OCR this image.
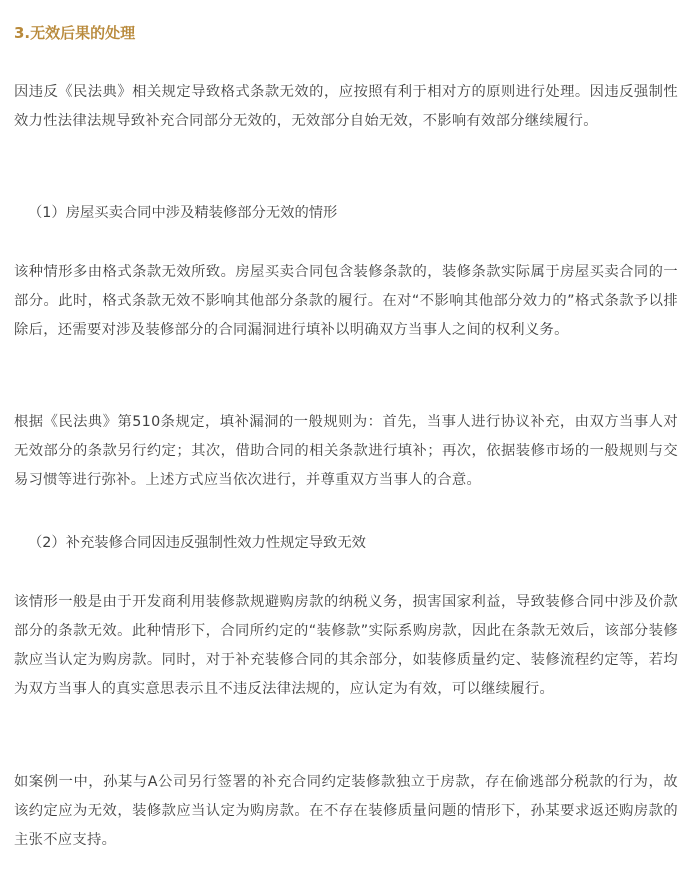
3.无效后果的处理

因违反《民法典》相关规定导致格式条款无效的，应按照有利于相对方的原则进行处理。因违反强制性效力性法律法规导致补充合同部分无效的，无效部分自始无效，不影响有效部分继续履行。

（1）房屋买卖合同中涉及精装修部分无效的情形

该种情形多由格式条款无效所致。房屋买卖合同包含装修条款的，装修条款实际属于房屋买卖合同的一部分。此时，格式条款无效不影响其他部分条款的履行。在对“不影响其他部分效力的”格式条款予以排除后，还需要对涉及装修部分的合同漏洞进行填补以明确双方当事人之间的权利义务。

根据《民法典》第510条规定，填补漏洞的一般规则为：首先，当事人进行协议补充，由双方当事人对无效部分的条款另行约定；其次，借助合同的相关条款进行填补；再次，依据装修市场的一般规则与交易习惯等进行弥补。上述方式应当依次进行，并尊重双方当事人的合意。

（2）补充装修合同因违反强制性效力性规定导致无效

该情形一般是由于开发商利用装修款规避购房款的纳税义务，损害国家利益，导致装修合同中涉及价款部分的条款无效。此种情形下，合同所约定的“装修款”实际系购房款，因此在条款无效后，该部分装修款应当认定为购房款。同时，对于补充装修合同的其余部分，如装修质量约定、装修流程约定等，若均为双方当事人的真实意思表示且不违反法律法规的，应认定为有效，可以继续履行。

如案例一中，孙某与A公司另行签署的补充合同约定装修款独立于房款，存在偷逃部分税款的行为，故该约定应为无效，装修款应当认定为购房款。在不存在装修质量问题的情形下，孙某要求返还购房款的主张不应支持。
